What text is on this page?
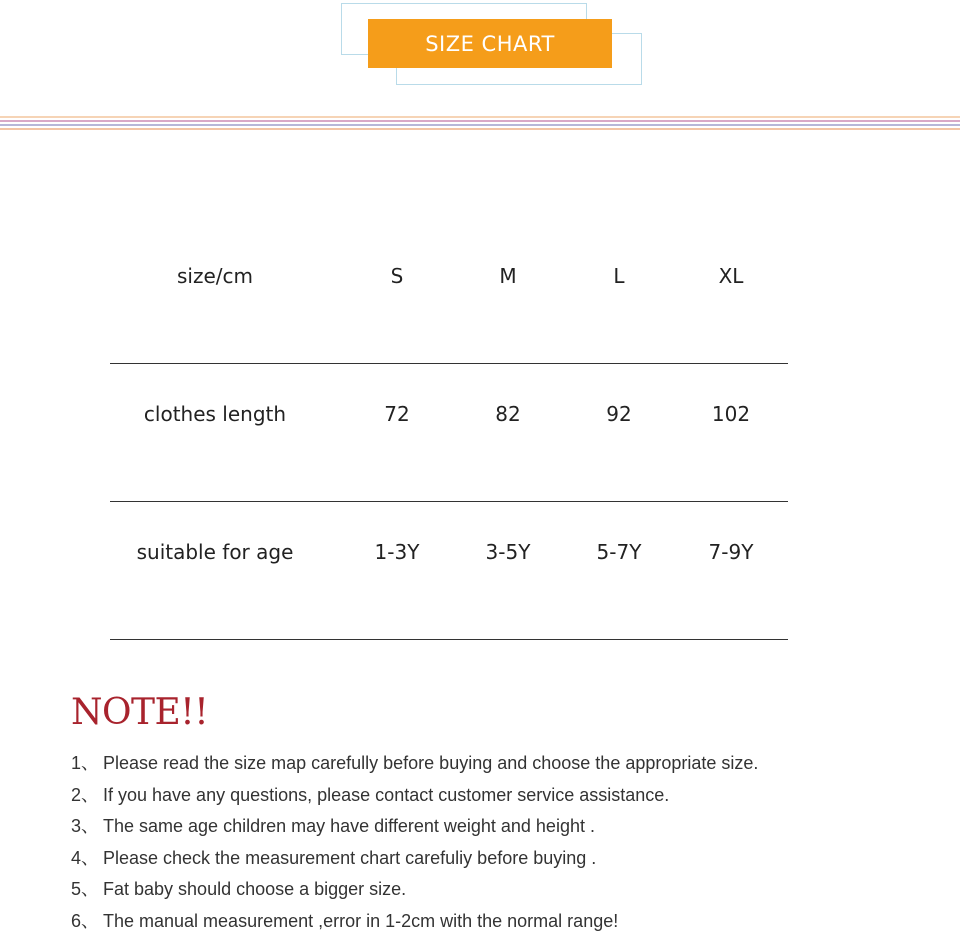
SIZE CHART
size/cm	S	M	L	XL
clothes length	72	82	92	102
suitable for age	1-3Y	3-5Y	5-7Y	7-9Y
NOTE!!
1、 Please read the size map carefully before buying and choose the appropriate size.
2、 If you have any questions, please contact customer service assistance.
3、 The same age children may have different weight and height .
4、 Please check the measurement chart carefuliy before buying .
5、 Fat baby should choose a bigger size.
6、 The manual measurement ,error in 1-2cm with the normal range!
